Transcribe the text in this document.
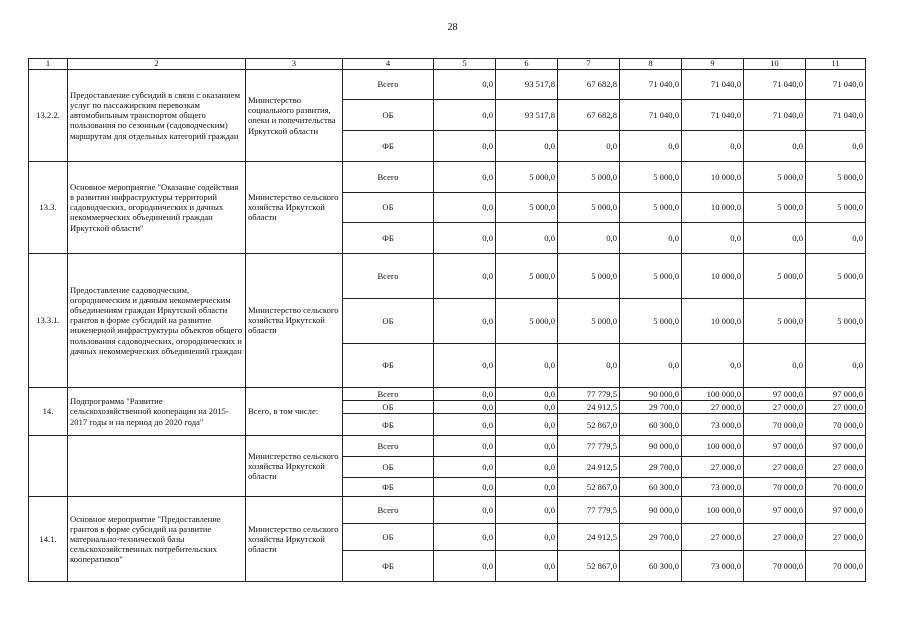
28
1	2	3	4	5	6	7	8	9	10	11
13.2.2.	Предоставление субсидий в связи с оказанием услуг по пассажирским перевозкам автомобильным транспортом общего пользования по сезонным (садоводческим) маршрутам для отдельных категорий граждан	Министерство социального развития, опеки и попечительства Иркутской области	Всего	0,0	93 517,8	67 682,8	71 040,0	71 040,0	71 040,0	71 040,0
			ОБ	0,0	93 517,8	67 682,8	71 040,0	71 040,0	71 040,0	71 040,0
			ФБ	0,0	0,0	0,0	0,0	0,0	0,0	0,0
13.3.	Основное мероприятие "Оказание содействия в развитии инфраструктуры территорий садоводческих, огороднических и дачных некоммерческих объединений граждан Иркутской области"	Министерство сельского хозяйства Иркутской области	Всего	0,0	5 000,0	5 000,0	5 000,0	10 000,0	5 000,0	5 000,0
			ОБ	0,0	5 000,0	5 000,0	5 000,0	10 000,0	5 000,0	5 000,0
			ФБ	0,0	0,0	0,0	0,0	0,0	0,0	0,0
13.3.1.	Предоставление садоводческим, огородническим и дачным некоммерческим объединениям граждан Иркутской области грантов в форме субсидий на развитие инженерной инфраструктуры объектов общего пользования садоводческих, огороднических и дачных некоммерческих объединений граждан	Министерство сельского хозяйства Иркутской области	Всего	0,0	5 000,0	5 000,0	5 000,0	10 000,0	5 000,0	5 000,0
			ОБ	0,0	5 000,0	5 000,0	5 000,0	10 000,0	5 000,0	5 000,0
			ФБ	0,0	0,0	0,0	0,0	0,0	0,0	0,0
14.	Подпрограмма "Развитие сельскохозяйственной кооперации на 2015-2017 годы и на период до 2020 года"	Всего, в том числе:	Всего	0,0	0,0	77 779,5	90 000,0	100 000,0	97 000,0	97 000,0
			ОБ	0,0	0,0	24 912,5	29 700,0	27 000,0	27 000,0	27 000,0
			ФБ	0,0	0,0	52 867,0	60 300,0	73 000,0	70 000,0	70 000,0
		Министерство сельского хозяйства Иркутской области	Всего	0,0	0,0	77 779,5	90 000,0	100 000,0	97 000,0	97 000,0
			ОБ	0,0	0,0	24 912,5	29 700,0	27 000,0	27 000,0	27 000,0
			ФБ	0,0	0,0	52 867,0	60 300,0	73 000,0	70 000,0	70 000,0
14.1.	Основное мероприятие "Предоставление грантов в форме субсидий на развитие материально-технической базы сельскохозяйственных потребительских кооперативов"	Министерство сельского хозяйства Иркутской области	Всего	0,0	0,0	77 779,5	90 000,0	100 000,0	97 000,0	97 000,0
			ОБ	0,0	0,0	24 912,5	29 700,0	27 000,0	27 000,0	27 000,0
			ФБ	0,0	0,0	52 867,0	60 300,0	73 000,0	70 000,0	70 000,0
